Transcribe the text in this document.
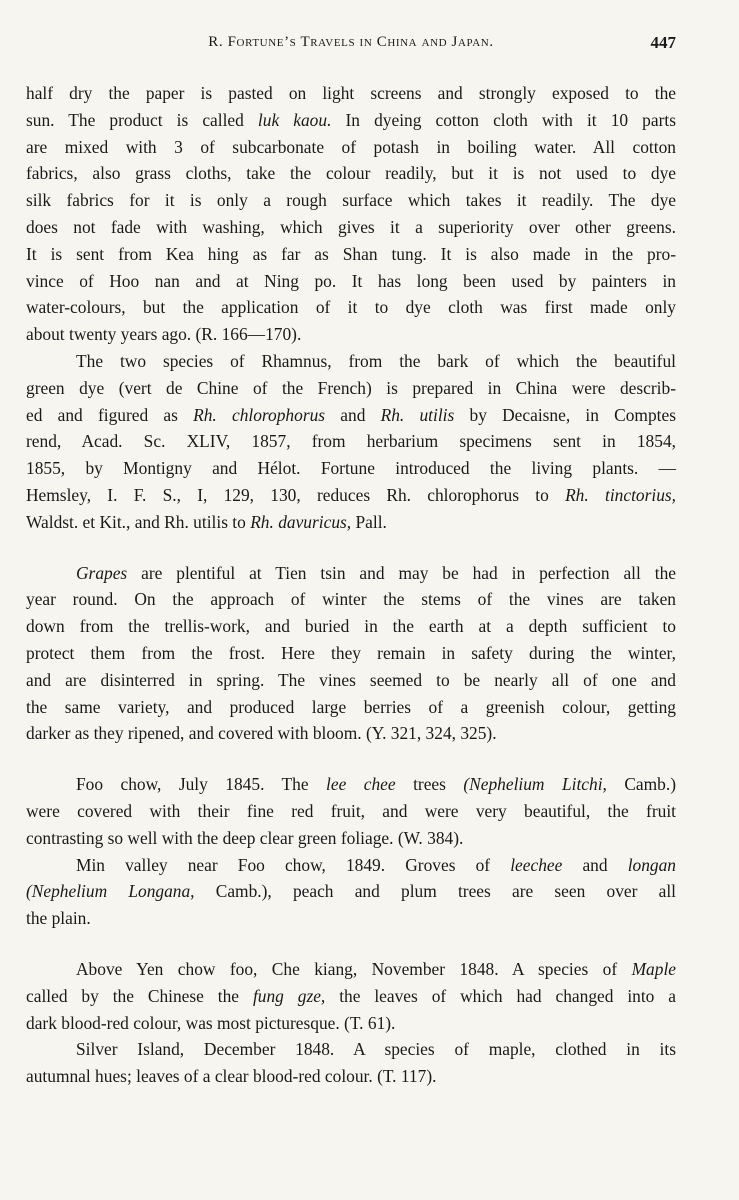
R. Fortune’s Travels in China and Japan.	447
half dry the paper is pasted on light screens and strongly exposed to the
sun. The product is called luk kaou. In dyeing cotton cloth with it 10 parts
are mixed with 3 of subcarbonate of potash in boiling water. All cotton
fabrics, also grass cloths, take the colour readily, but it is not used to dye
silk fabrics for it is only a rough surface which takes it readily. The dye
does not fade with washing, which gives it a superiority over other greens.
It is sent from Kea hing as far as Shan tung. It is also made in the pro-
vince of Hoo nan and at Ning po. It has long been used by painters in
water-colours, but the application of it to dye cloth was first made only
about twenty years ago. (R. 166—170).
The two species of Rhamnus, from the bark of which the beautiful
green dye (vert de Chine of the French) is prepared in China were describ-
ed and figured as Rh. chlorophorus and Rh. utilis by Decaisne, in Comptes
rend, Acad. Sc. XLIV, 1857, from herbarium specimens sent in 1854,
1855, by Montigny and Hélot. Fortune introduced the living plants. —
Hemsley, I. F. S., I, 129, 130, reduces Rh. chlorophorus to Rh. tinctorius,
Waldst. et Kit., and Rh. utilis to Rh. davuricus, Pall.
Grapes are plentiful at Tien tsin and may be had in perfection all the
year round. On the approach of winter the stems of the vines are taken
down from the trellis-work, and buried in the earth at a depth sufficient to
protect them from the frost. Here they remain in safety during the winter,
and are disinterred in spring. The vines seemed to be nearly all of one and
the same variety, and produced large berries of a greenish colour, getting
darker as they ripened, and covered with bloom. (Y. 321, 324, 325).
Foo chow, July 1845. The lee chee trees (Nephelium Litchi, Camb.)
were covered with their fine red fruit, and were very beautiful, the fruit
contrasting so well with the deep clear green foliage. (W. 384).
Min valley near Foo chow, 1849. Groves of leechee and longan
(Nephelium Longana, Camb.), peach and plum trees are seen over all
the plain.
Above Yen chow foo, Che kiang, November 1848. A species of Maple
called by the Chinese the fung gze, the leaves of which had changed into a
dark blood-red colour, was most picturesque. (T. 61).
Silver Island, December 1848. A species of maple, clothed in its
autumnal hues; leaves of a clear blood-red colour. (T. 117).
